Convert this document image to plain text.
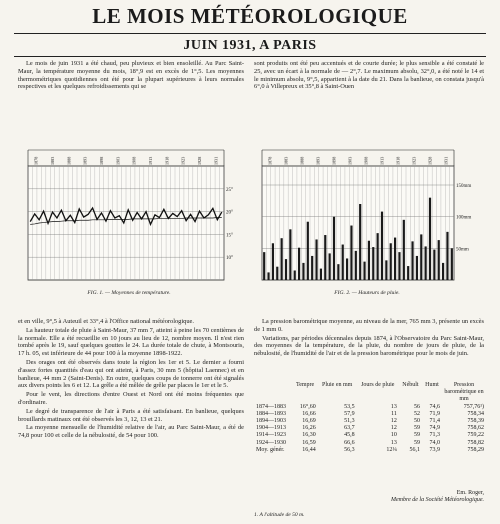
LE MOIS MÉTÉOROLOGIQUE
JUIN 1931, A PARIS

Le mois de juin 1931 a été chaud, peu pluvieux et bien ensoleillé. Au Parc Saint-Maur, la température moyenne du mois, 18°,9 est en excès de 1°,5. Les moyennes thermométriques quotidiennes ont été pour la plupart supérieures à leurs normales respectives et les quelques refroidissements qui se

sont produits ont été peu accentués et de courte durée; le plus sensible a été constaté le 25, avec un écart à la normale de — 2°,7. Le maximum absolu, 32°,0, a été noté le 14 et le minimum absolu, 9°,5, appartient à la date du 21. Dans la banlieue, on constata jusqu'à 6°,0 à Villepreux et 35°,8 à Saint-Ouen

25°
20°
15°
10°
1878	1883	1888	1893	1898	1903	1908	1913	1918	1923	1928	1931
FIG. 1. — Moyennes de température.
150mm
100mm
50mm
1878	1883	1888	1893	1898	1903	1908	1913	1918	1923	1928	1931
FIG. 2. — Hauteurs de pluie.

et en ville, 9°,5 à Auteuil et 33°,4 à l'Office national météorologique.

La hauteur totale de pluie à Saint-Maur, 37 mm 7, atteint à peine les 70 centièmes de la normale. Elle a été recueillie en 10 jours au lieu de 12, nombre moyen. Il n'est rien tombé après le 19, sauf quelques gouttes le 24. La durée totale de chute, à Montsouris, 17 h. 05, est inférieure de 44 pour 100 à la moyenne 1898-1922.

Des orages ont été observés dans toute la région les 1er et 5. Le dernier a fourni d'assez fortes quantités d'eau qui ont atteint, à Paris, 30 mm 5 (hôpital Laennec) et en banlieue, 44 mm 2 (Saint-Denis). En outre, quelques coups de tonnerre ont été signalés aux divers points les 6 et 12. La grêle a été mêlée de grêle par places le 1er et le 5.

Pour le vent, les directions d'entre Ouest et Nord ont été moins fréquentes que d'ordinaire.

Le degré de transparence de l'air à Paris a été satisfaisant. En banlieue, quelques brouillards matinaux ont été observés les 3, 12, 13 et 21.

La moyenne mensuelle de l'humidité relative de l'air, au Parc Saint-Maur, a été de 74,8 pour 100 et celle de la nébulosité, de 54 pour 100.

La pression barométrique moyenne, au niveau de la mer, 765 mm 3, présente un excès de 1 mm 0.

Variations, par périodes décennales depuis 1874, à l'Observatoire du Parc Saint-Maur, des moyennes de la température, de la pluie, du nombre de jours de pluie, de la nébulosité, de l'humidité de l'air et de la pression barométrique pour le mois de juin.

	Tempre	Pluie en mm	Jours de pluie	Nébult	Humt	Pression barométrique en mm
1874—1883	16°,60	53,5	13	56	74,6	757,76¹)
1884—1893	16,66	57,9	11	52	71,9	758,34
1894—1903	16,69	51,3	12	50	71,4	758,39
1904—1913	16,26	63,7	12	59	74,9	758,62
1914—1923	16,30	45,8	10	59	71,3	759,22
1924—1930	16,59	66,6	13	59	74,0	758,82
Moy. génér.	16,44	56,3	12¼	56,1	73,9	758,29
Em. Roger,
Membre de la Société Météorologique.
1. A l'altitude de 50 m.
